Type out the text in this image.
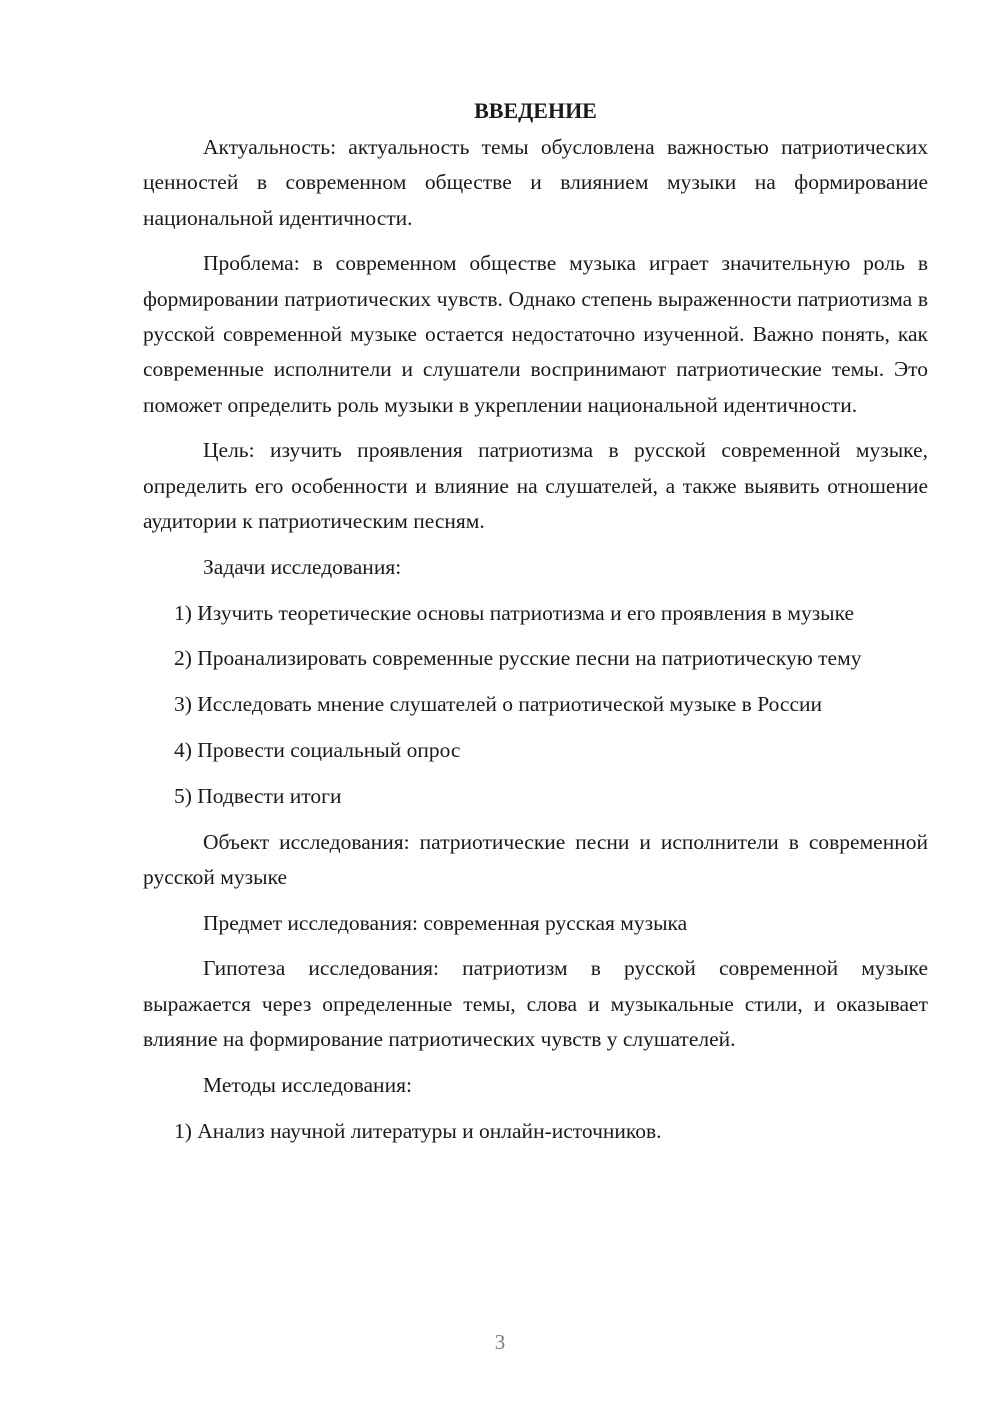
ВВЕДЕНИЕ

Актуальность: актуальность темы обусловлена важностью патриотических ценностей в современном обществе и влиянием музыки на формирование национальной идентичности.

Проблема: в современном обществе музыка играет значительную роль в формировании патриотических чувств. Однако степень выраженности патриотизма в русской современной музыке остается недостаточно изученной. Важно понять, как современные исполнители и слушатели воспринимают патриотические темы. Это поможет определить роль музыки в укреплении национальной идентичности.

Цель: изучить проявления патриотизма в русской современной музыке, определить его особенности и влияние на слушателей, а также выявить отношение аудитории к патриотическим песням.

Задачи исследования:

1) Изучить теоретические основы патриотизма и его проявления в музыке

2) Проанализировать современные русские песни на патриотическую тему

3) Исследовать мнение слушателей о патриотической музыке в России

4) Провести социальный опрос

5) Подвести итоги

Объект исследования: патриотические песни и исполнители в современной русской музыке

Предмет исследования: современная русская музыка

Гипотеза исследования: патриотизм в русской современной музыке выражается через определенные темы, слова и музыкальные стили, и оказывает влияние на формирование патриотических чувств у слушателей.

Методы исследования:

1) Анализ научной литературы и онлайн-источников.

3
